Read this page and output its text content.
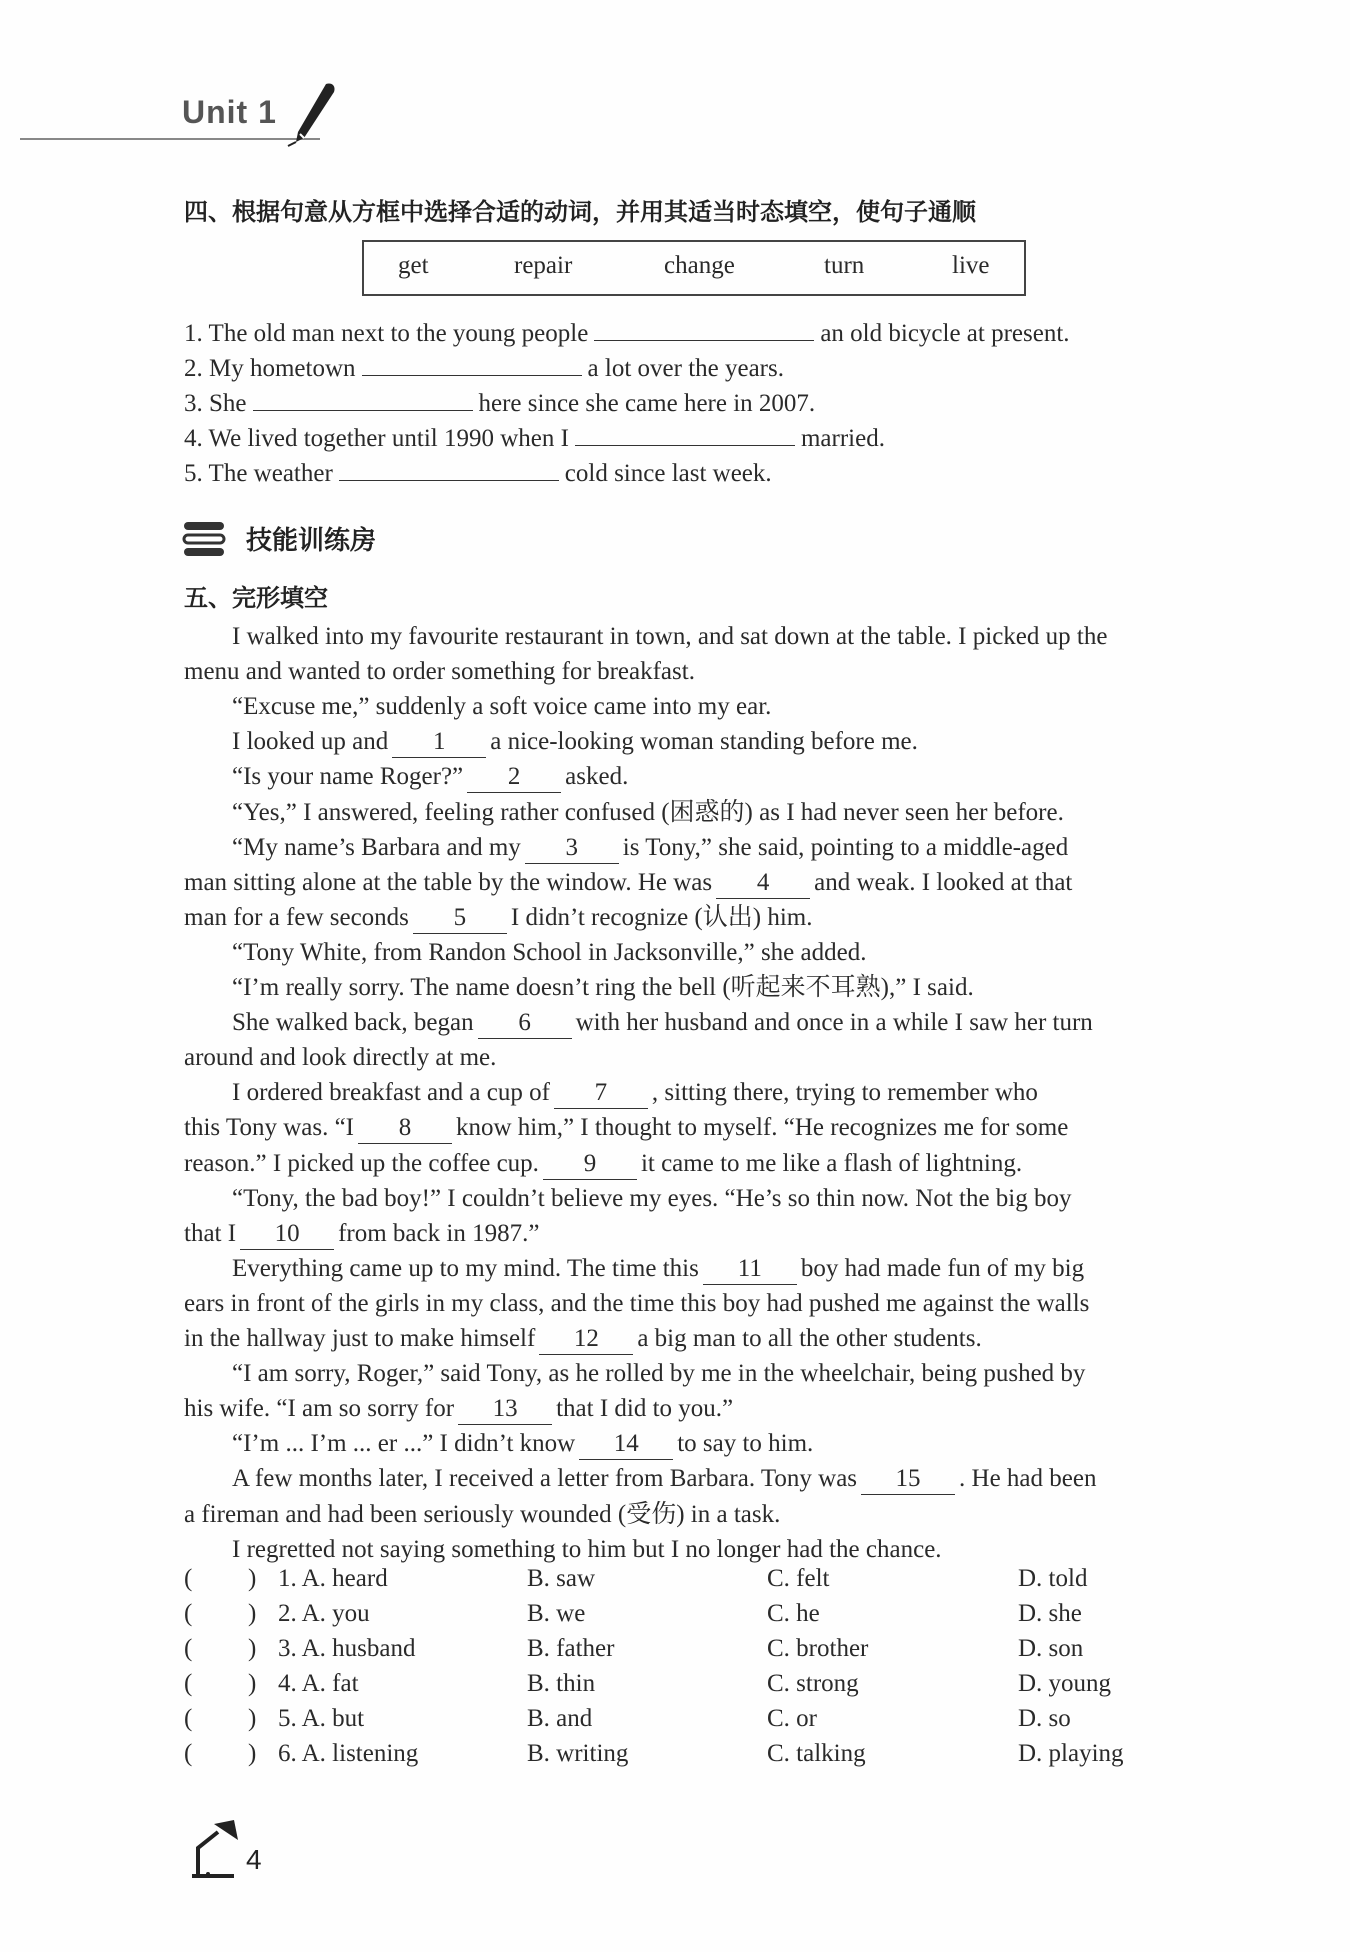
Unit 1
四、根据句意从方框中选择合适的动词，并用其适当时态填空，使句子通顺
get	repair	change	turn	live
1. The old man next to the young people	an old bicycle at present.
2. My hometown	a lot over the years.
3. She	here since she came here in 2007.
4. We lived together until 1990 when I	married.
5. The weather	cold since last week.
技能训练房
五、完形填空
I walked into my favourite restaurant in town, and sat down at the table. I picked up the
menu and wanted to order something for breakfast.
“Excuse me,” suddenly a soft voice came into my ear.
I looked up and 1 a nice-looking woman standing before me.
“Is your name Roger?” 2 asked.
“Yes,” I answered, feeling rather confused (困惑的) as I had never seen her before.
“My name’s Barbara and my 3 is Tony,” she said, pointing to a middle-aged
man sitting alone at the table by the window. He was 4 and weak. I looked at that
man for a few seconds 5 I didn’t recognize (认出) him.
“Tony White, from Randon School in Jacksonville,” she added.
“I’m really sorry. The name doesn’t ring the bell (听起来不耳熟),” I said.
She walked back, began 6 with her husband and once in a while I saw her turn
around and look directly at me.
I ordered breakfast and a cup of 7 , sitting there, trying to remember who
this Tony was. “I 8 know him,” I thought to myself. “He recognizes me for some
reason.” I picked up the coffee cup. 9 it came to me like a flash of lightning.
“Tony, the bad boy!” I couldn’t believe my eyes. “He’s so thin now. Not the big boy
that I 10 from back in 1987.”
Everything came up to my mind. The time this 11 boy had made fun of my big
ears in front of the girls in my class, and the time this boy had pushed me against the walls
in the hallway just to make himself 12 a big man to all the other students.
“I am sorry, Roger,” said Tony, as he rolled by me in the wheelchair, being pushed by
his wife. “I am so sorry for 13 that I did to you.”
“I’m ... I’m ... er ...” I didn’t know 14 to say to him.
A few months later, I received a letter from Barbara. Tony was 15 . He had been
a fireman and had been seriously wounded (受伤) in a task.
I regretted not saying something to him but I no longer had the chance.
( ) 1. A. heard	B. saw	C. felt	D. told
( ) 2. A. you	B. we	C. he	D. she
( ) 3. A. husband	B. father	C. brother	D. son
( ) 4. A. fat	B. thin	C. strong	D. young
( ) 5. A. but	B. and	C. or	D. so
( ) 6. A. listening	B. writing	C. talking	D. playing
4
